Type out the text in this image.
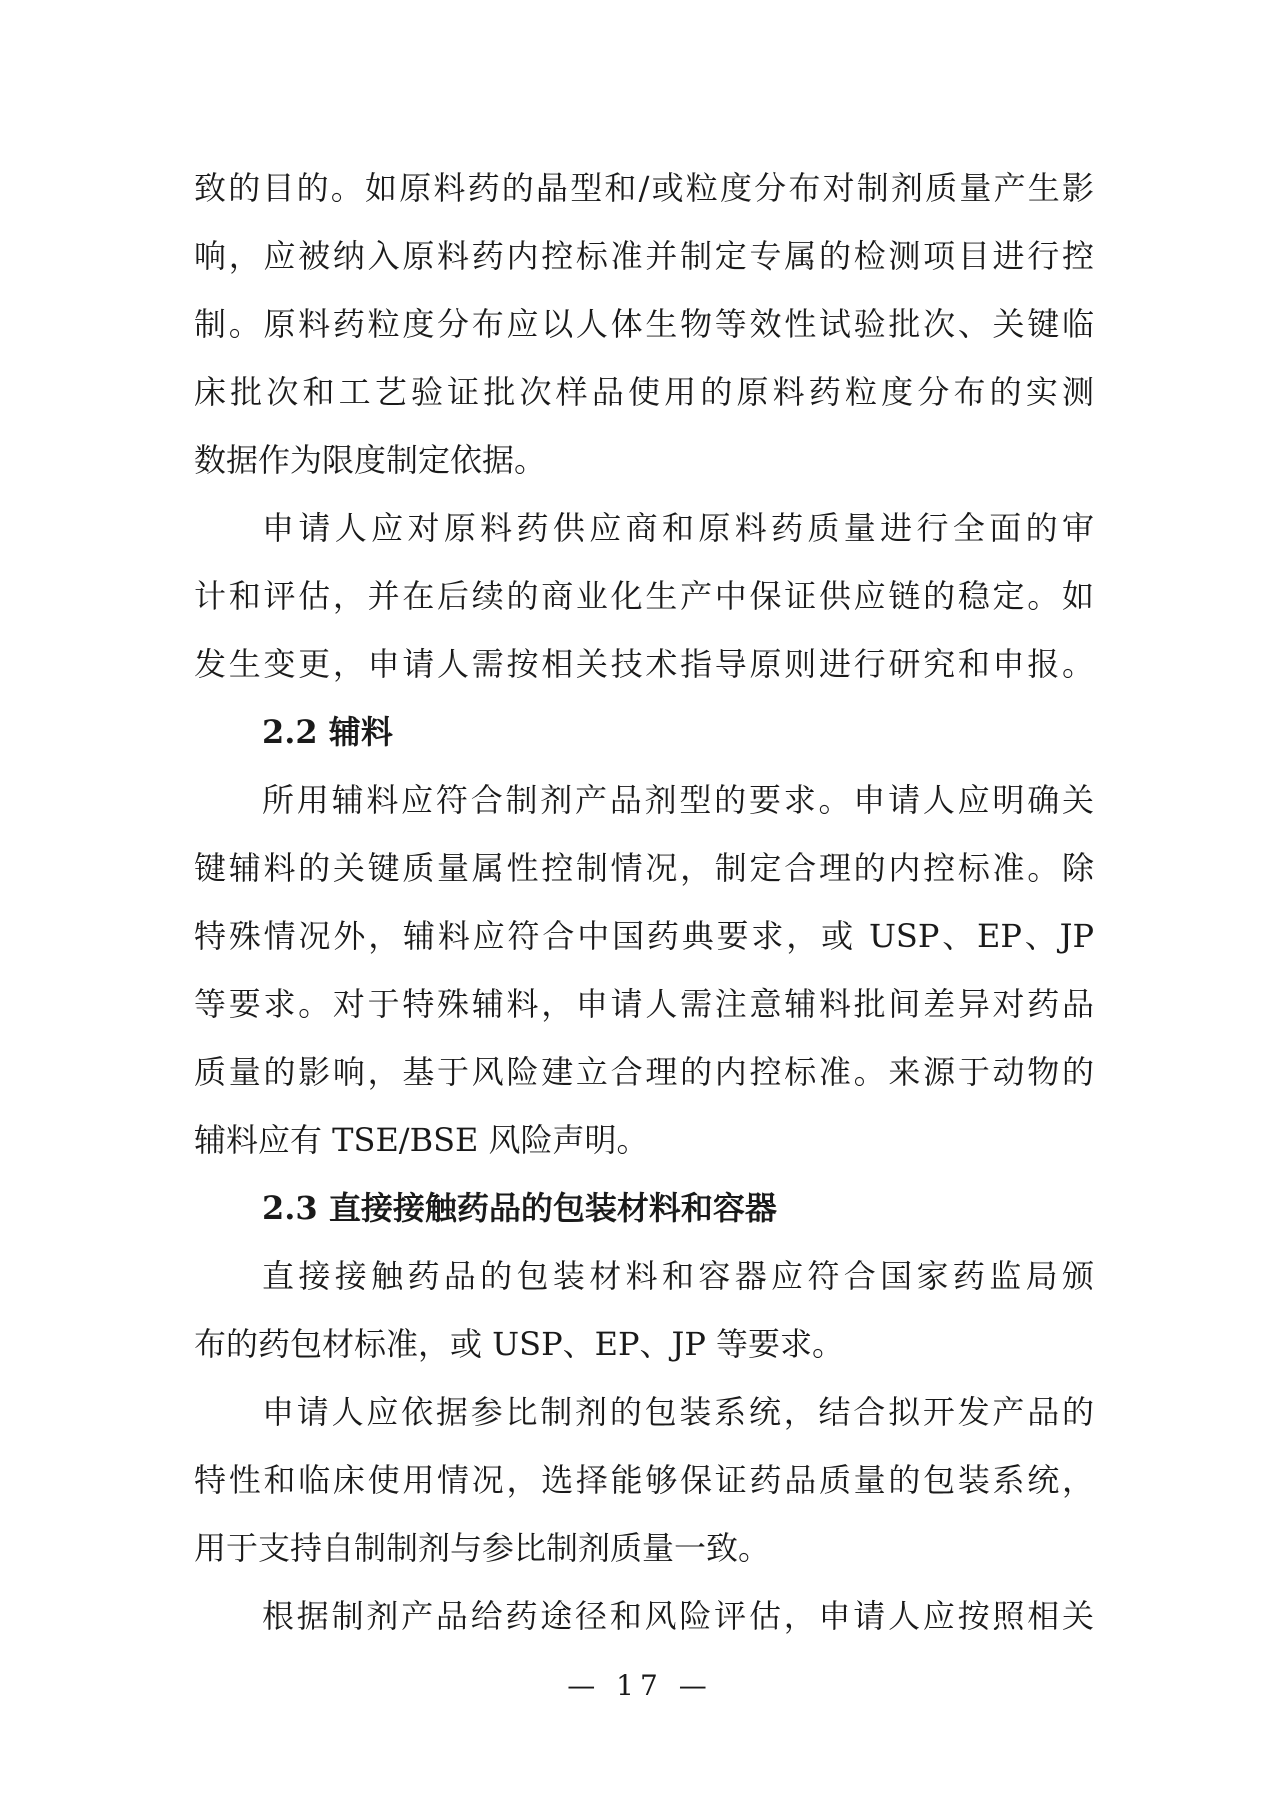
致的目的。如原料药的晶型和/或粒度分布对制剂质量产生影
响，应被纳入原料药内控标准并制定专属的检测项目进行控
制。原料药粒度分布应以人体生物等效性试验批次、关键临
床批次和工艺验证批次样品使用的原料药粒度分布的实测
数据作为限度制定依据。
申请人应对原料药供应商和原料药质量进行全面的审
计和评估，并在后续的商业化生产中保证供应链的稳定。如
发生变更，申请人需按相关技术指导原则进行研究和申报。
2.2 辅料
所用辅料应符合制剂产品剂型的要求。申请人应明确关
键辅料的关键质量属性控制情况，制定合理的内控标准。除
特殊情况外，辅料应符合中国药典要求，或 USP、EP、JP
等要求。对于特殊辅料，申请人需注意辅料批间差异对药品
质量的影响，基于风险建立合理的内控标准。来源于动物的
辅料应有 TSE/BSE 风险声明。
2.3 直接接触药品的包装材料和容器
直接接触药品的包装材料和容器应符合国家药监局颁
布的药包材标准，或 USP、EP、JP 等要求。
申请人应依据参比制剂的包装系统，结合拟开发产品的
特性和临床使用情况，选择能够保证药品质量的包装系统，
用于支持自制制剂与参比制剂质量一致。
根据制剂产品给药途径和风险评估，申请人应按照相关
— 17 —
